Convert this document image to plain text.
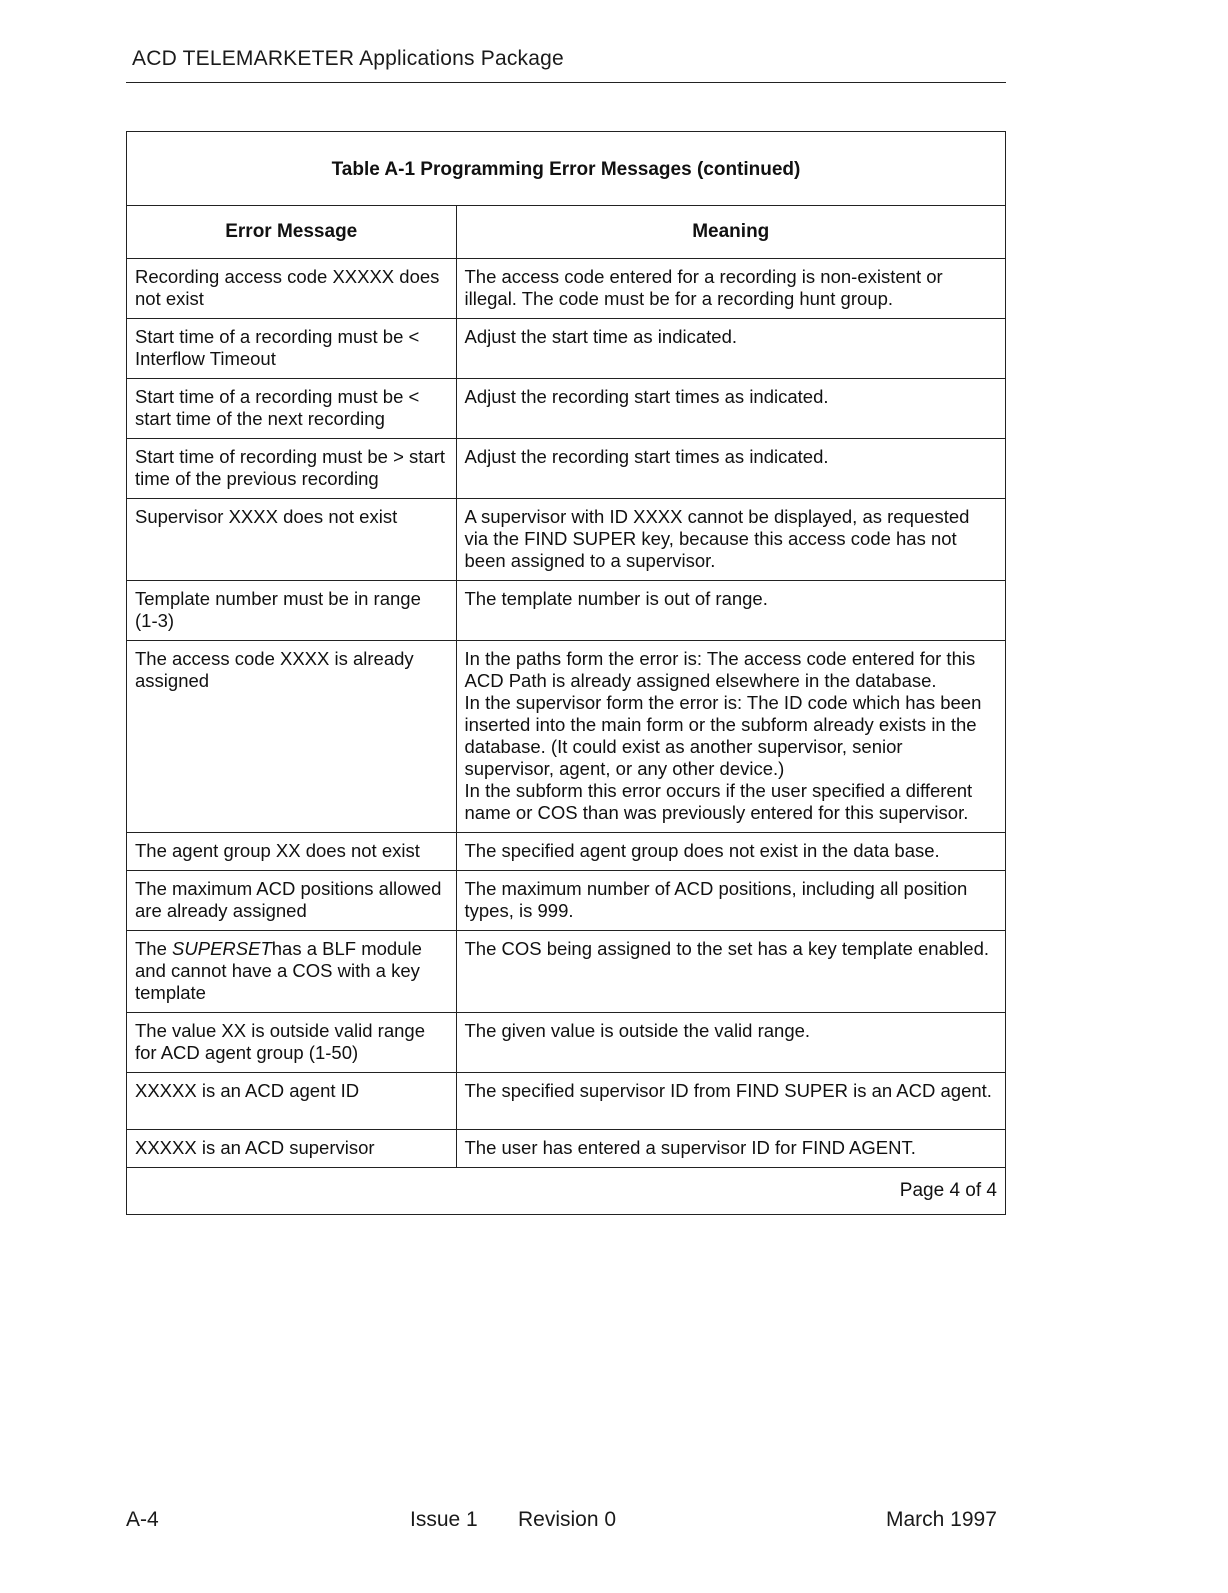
ACD TELEMARKETER Applications Package
Table A-1 Programming Error Messages (continued)
Error Message	Meaning
Recording access code XXXXX does not exist	The access code entered for a recording is non-existent or illegal. The code must be for a recording hunt group.
Start time of a recording must be < Interflow Timeout	Adjust the start time as indicated.
Start time of a recording must be < start time of the next recording	Adjust the recording start times as indicated.
Start time of recording must be > start time of the previous recording	Adjust the recording start times as indicated.
Supervisor XXXX does not exist	A supervisor with ID XXXX cannot be displayed, as requested via the FIND SUPER key, because this access code has not been assigned to a supervisor.
Template number must be in range (1-3)	The template number is out of range.
The access code XXXX is already assigned	In the paths form the error is: The access code entered for this ACD Path is already assigned elsewhere in the database.
In the supervisor form the error is: The ID code which has been inserted into the main form or the subform already exists in the database. (It could exist as another supervisor, senior supervisor, agent, or any other device.)
In the subform this error occurs if the user specified a different name or COS than was previously entered for this supervisor.

The agent group XX does not exist	The specified agent group does not exist in the data base.
The maximum ACD positions allowed are already assigned	The maximum number of ACD positions, including all position types, is 999.
The SUPERSEThas a BLF module and cannot have a COS with a key template	The COS being assigned to the set has a key template enabled.
The value XX is outside valid range for ACD agent group (1-50)	The given value is outside the valid range.
XXXXX is an ACD agent ID	The specified supervisor ID from FIND SUPER is an ACD agent.
XXXXX is an ACD supervisor	The user has entered a supervisor ID for FIND AGENT.
Page 4 of 4
A-4	Issue 1 Revision 0	March 1997
